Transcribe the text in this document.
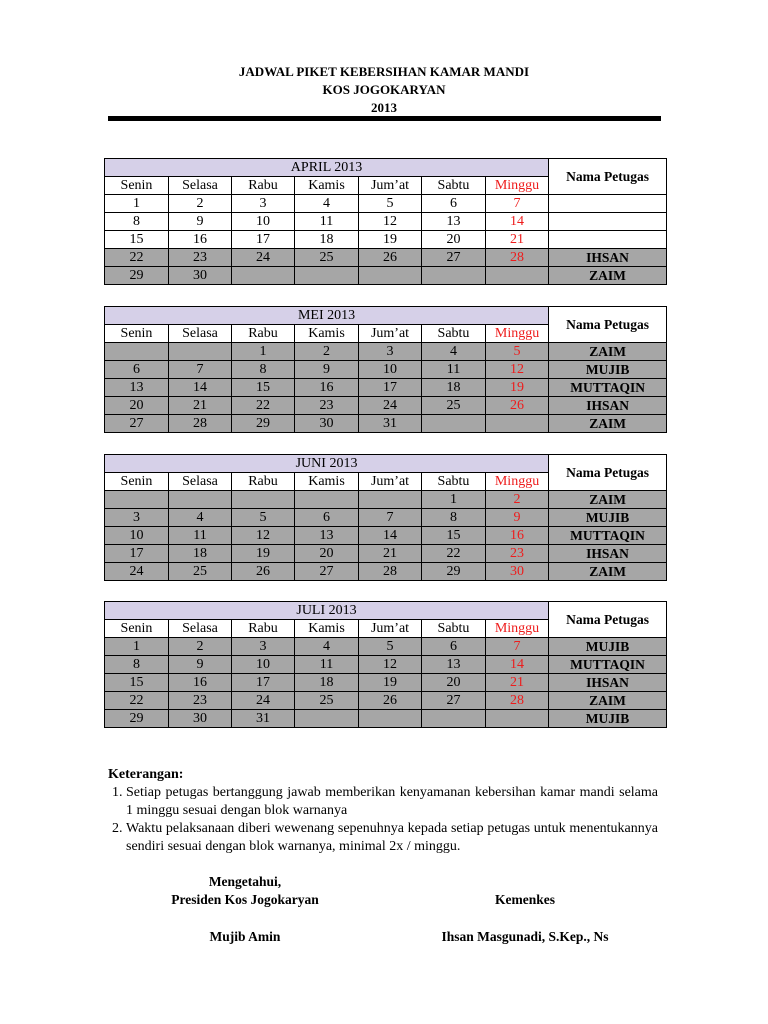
JADWAL PIKET KEBERSIHAN KAMAR MANDI
KOS JOGOKARYAN
2013
APRIL 2013							Nama Petugas
Senin	Selasa	Rabu	Kamis	Jum’at	Sabtu	Minggu	
1	2	3	4	5	6	7	
8	9	10	11	12	13	14	
15	16	17	18	19	20	21	
22	23	24	25	26	27	28	IHSAN
29	30						ZAIM
MEI 2013							Nama Petugas
Senin	Selasa	Rabu	Kamis	Jum’at	Sabtu	Minggu	
		1	2	3	4	5	ZAIM
6	7	8	9	10	11	12	MUJIB
13	14	15	16	17	18	19	MUTTAQIN
20	21	22	23	24	25	26	IHSAN
27	28	29	30	31			ZAIM
JUNI 2013							Nama Petugas
Senin	Selasa	Rabu	Kamis	Jum’at	Sabtu	Minggu	
					1	2	ZAIM
3	4	5	6	7	8	9	MUJIB
10	11	12	13	14	15	16	MUTTAQIN
17	18	19	20	21	22	23	IHSAN
24	25	26	27	28	29	30	ZAIM
JULI 2013							Nama Petugas
Senin	Selasa	Rabu	Kamis	Jum’at	Sabtu	Minggu	
1	2	3	4	5	6	7	MUJIB
8	9	10	11	12	13	14	MUTTAQIN
15	16	17	18	19	20	21	IHSAN
22	23	24	25	26	27	28	ZAIM
29	30	31					MUJIB
Keterangan:
1. Setiap petugas bertanggung jawab memberikan kenyamanan kebersihan kamar mandi selama 1 minggu sesuai dengan blok warnanya
2. Waktu pelaksanaan diberi wewenang sepenuhnya kepada setiap petugas untuk menentukannya sendiri sesuai dengan blok warnanya, minimal 2x / minggu.
Mengetahui,
Presiden Kos Jogokaryan
Mujib Amin
Kemenkes
Ihsan Masgunadi, S.Kep., Ns
